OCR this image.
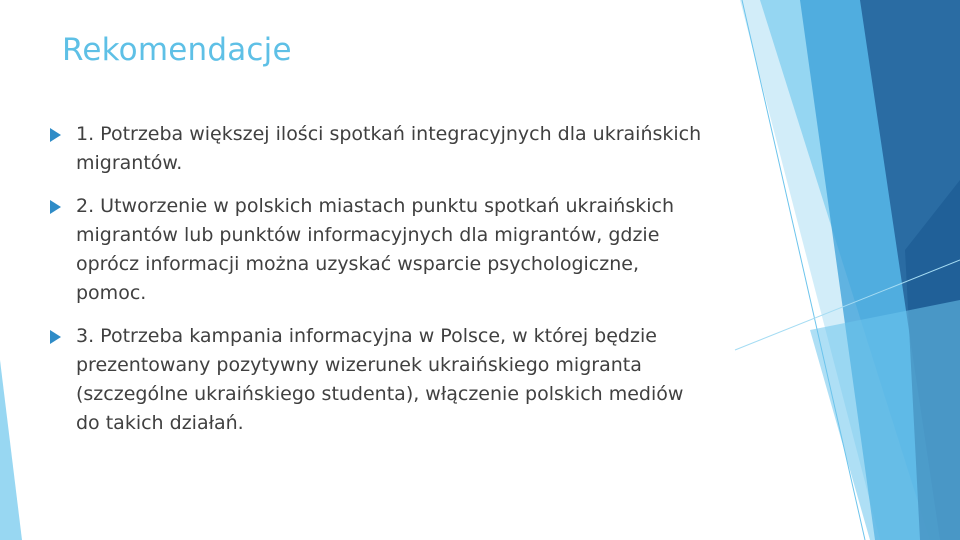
Rekomendacje
1. Potrzeba większej ilości spotkań integracyjnych dla ukraińskich migrantów.
2. Utworzenie w polskich miastach punktu spotkań ukraińskich migrantów lub punktów informacyjnych dla migrantów, gdzie oprócz informacji można uzyskać wsparcie psychologiczne, pomoc.
3. Potrzeba kampania informacyjna w Polsce, w której będzie prezentowany pozytywny wizerunek ukraińskiego migranta (szczególne ukraińskiego studenta), włączenie polskich mediów do takich działań.
